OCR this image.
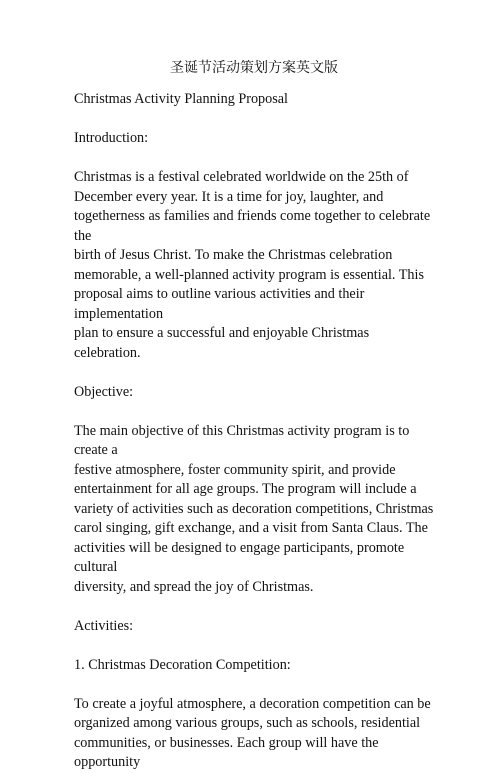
圣诞节活动策划方案英文版
Christmas Activity Planning Proposal
Introduction:
Christmas is a festival celebrated worldwide on the 25th of
December every year. It is a time for joy, laughter, and
togetherness as families and friends come together to celebrate the
birth of Jesus Christ. To make the Christmas celebration
memorable, a well-planned activity program is essential. This
proposal aims to outline various activities and their implementation
plan to ensure a successful and enjoyable Christmas celebration.
Objective:
The main objective of this Christmas activity program is to create a
festive atmosphere, foster community spirit, and provide
entertainment for all age groups. The program will include a
variety of activities such as decoration competitions, Christmas
carol singing, gift exchange, and a visit from Santa Claus. The
activities will be designed to engage participants, promote cultural
diversity, and spread the joy of Christmas.
Activities:
1. Christmas Decoration Competition:
To create a joyful atmosphere, a decoration competition can be
organized among various groups, such as schools, residential
communities, or businesses. Each group will have the opportunity
